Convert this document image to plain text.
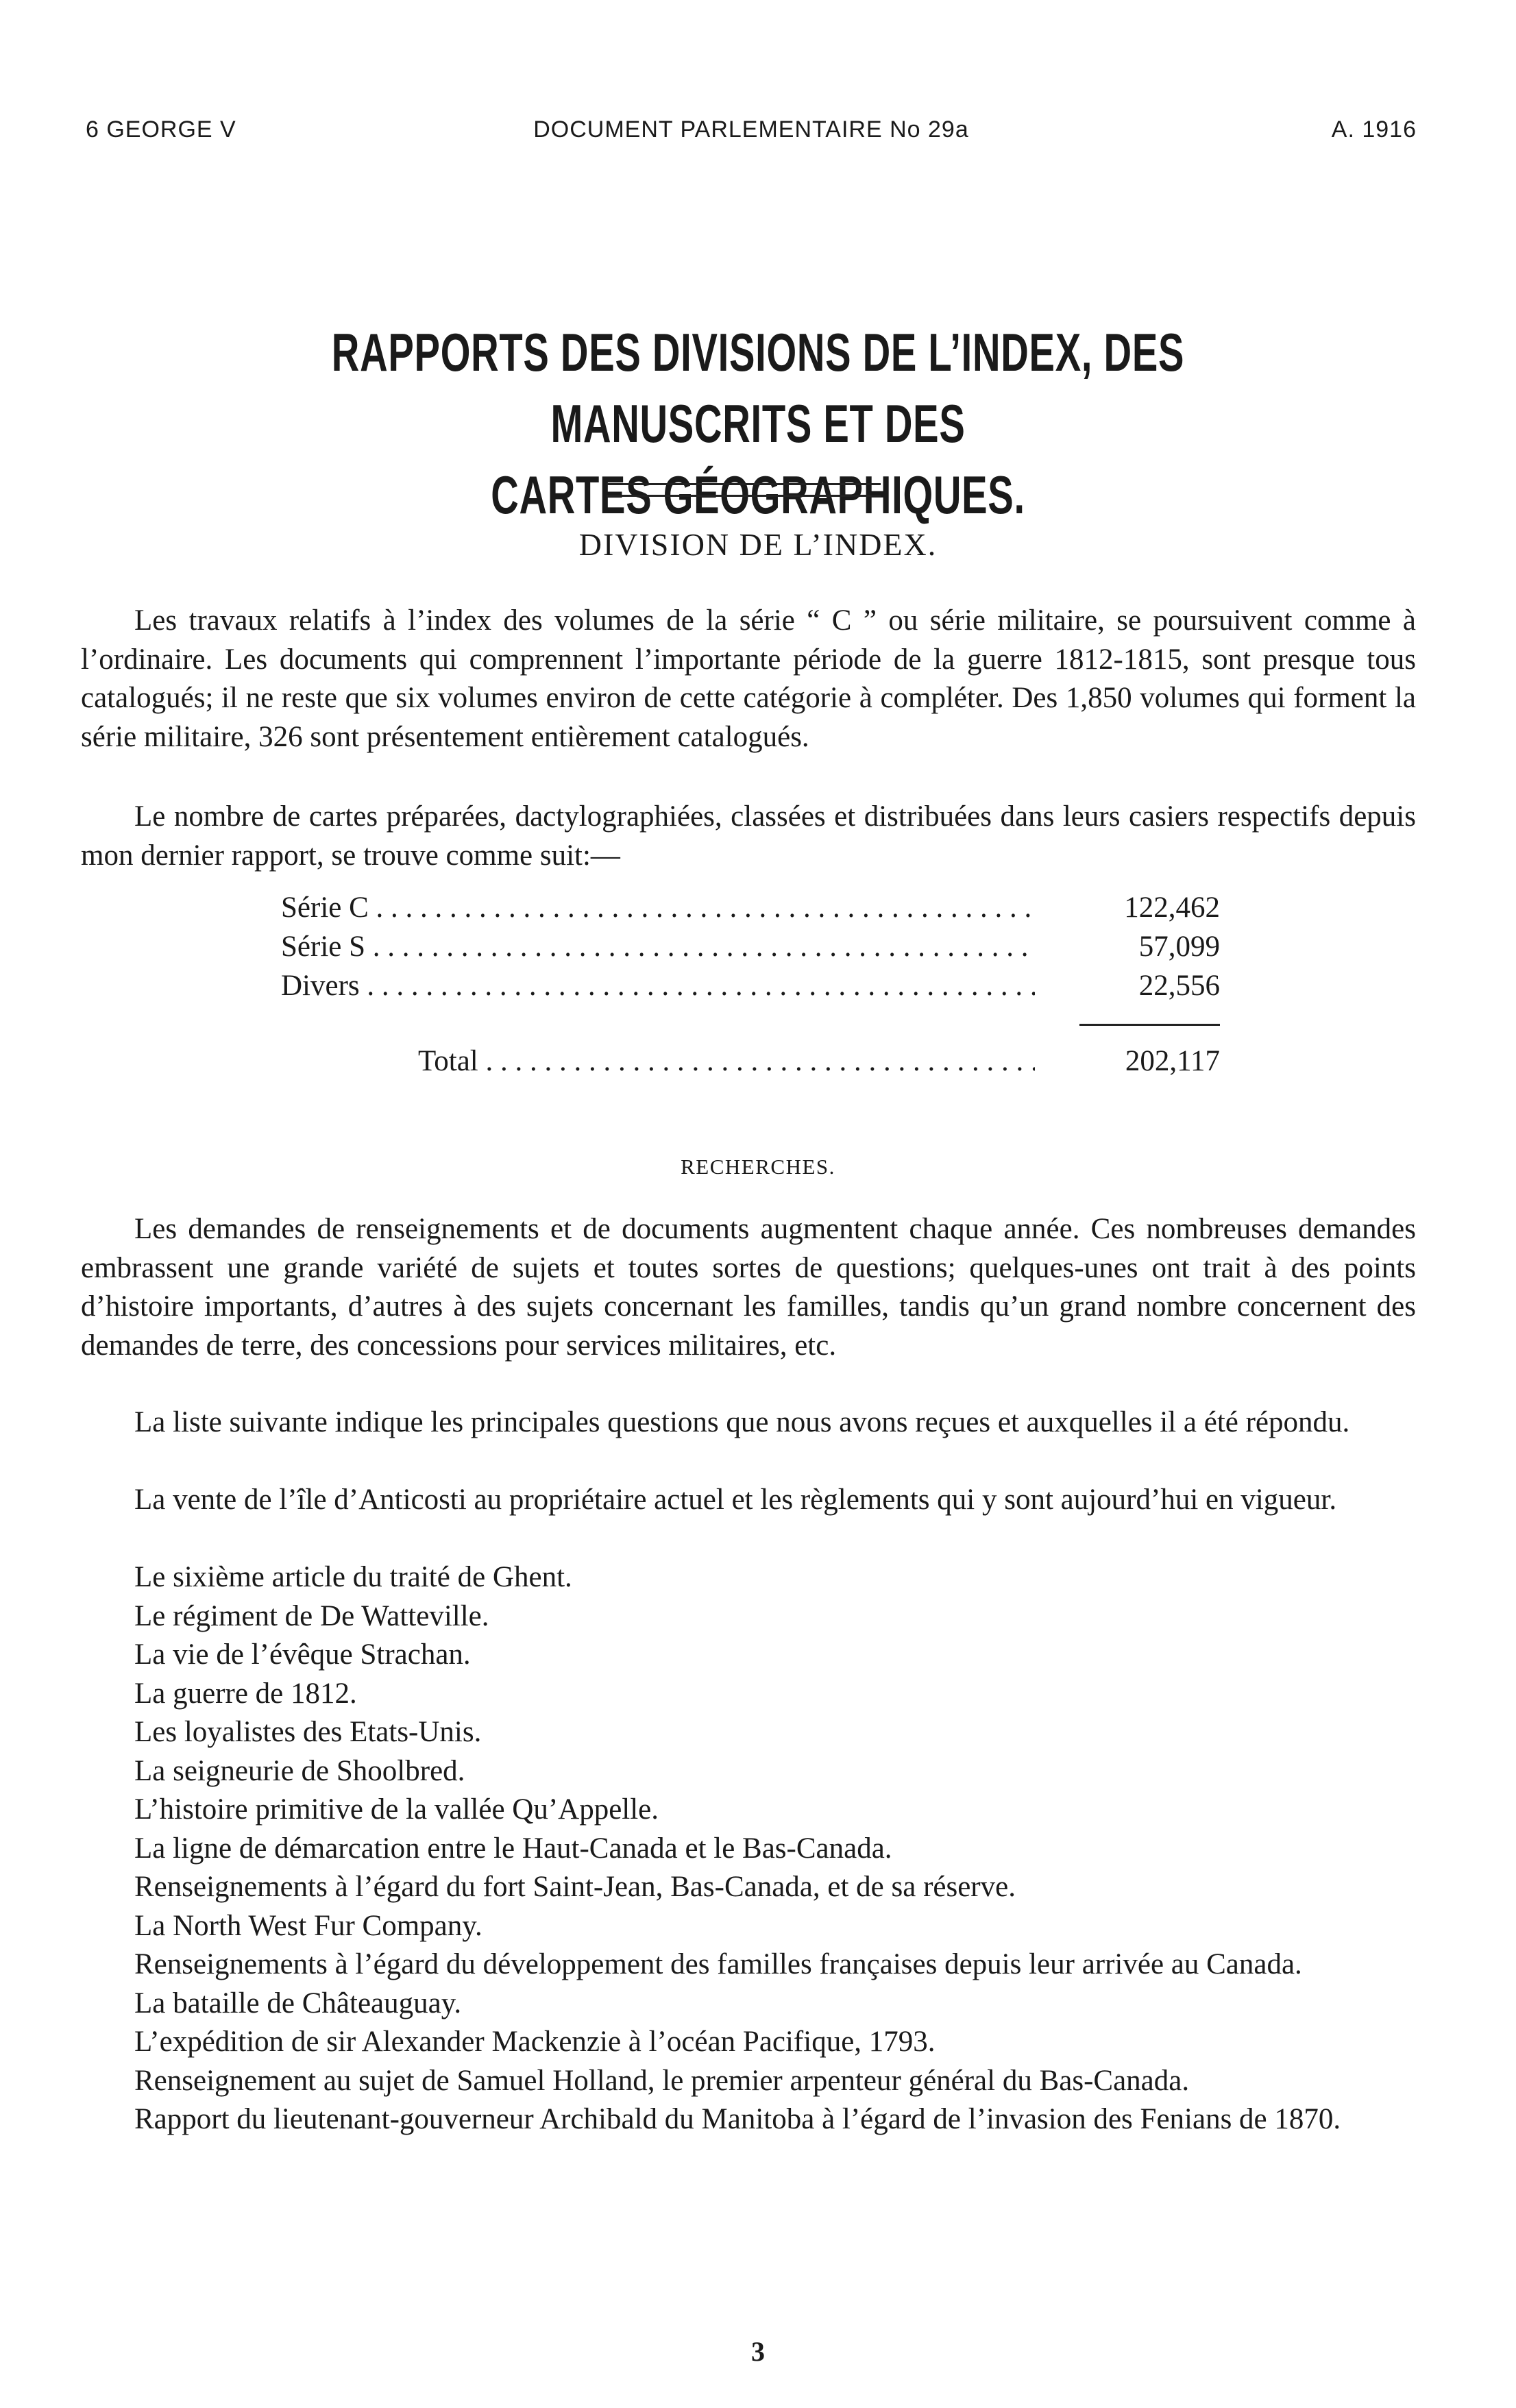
6 GEORGE V	DOCUMENT PARLEMENTAIRE No 29a	A. 1916
RAPPORTS DES DIVISIONS DE L’INDEX, DES MANUSCRITS ET DES
CARTES GÉOGRAPHIQUES.
DIVISION DE L’INDEX.

Les travaux relatifs à l’index des volumes de la série “ C ” ou série militaire, se poursuivent comme à l’ordinaire. Les documents qui comprennent l’importante période de la guerre 1812-1815, sont presque tous catalogués; il ne reste que six volumes environ de cette catégorie à compléter. Des 1,850 volumes qui forment la série militaire, 326 sont présentement entièrement catalogués.

Le nombre de cartes préparées, dactylographiées, classées et distribuées dans leurs casiers respectifs depuis mon dernier rapport, se trouve comme suit:—

Série C . . .	122,462
Série S . . .	57,099
Divers . . .	22,556
Total . . .	202,117
RECHERCHES.

Les demandes de renseignements et de documents augmentent chaque année. Ces nombreuses demandes embrassent une grande variété de sujets et toutes sortes de questions; quelques-unes ont trait à des points d’histoire importants, d’autres à des sujets concernant les familles, tandis qu’un grand nombre concernent des demandes de terre, des concessions pour services militaires, etc.

La liste suivante indique les principales questions que nous avons reçues et auxquelles il a été répondu.

La vente de l’île d’Anticosti au propriétaire actuel et les règlements qui y sont aujourd’hui en vigueur.

Le sixième article du traité de Ghent.
Le régiment de De Watteville.
La vie de l’évêque Strachan.
La guerre de 1812.
Les loyalistes des Etats-Unis.
La seigneurie de Shoolbred.
L’histoire primitive de la vallée Qu’Appelle.
La ligne de démarcation entre le Haut-Canada et le Bas-Canada.
Renseignements à l’égard du fort Saint-Jean, Bas-Canada, et de sa réserve.
La North West Fur Company.
Renseignements à l’égard du développement des familles françaises depuis leur arrivée au Canada.
La bataille de Châteauguay.
L’expédition de sir Alexander Mackenzie à l’océan Pacifique, 1793.
Renseignement au sujet de Samuel Holland, le premier arpenteur général du Bas-Canada.
Rapport du lieutenant-gouverneur Archibald du Manitoba à l’égard de l’invasion des Fenians de 1870.
3
